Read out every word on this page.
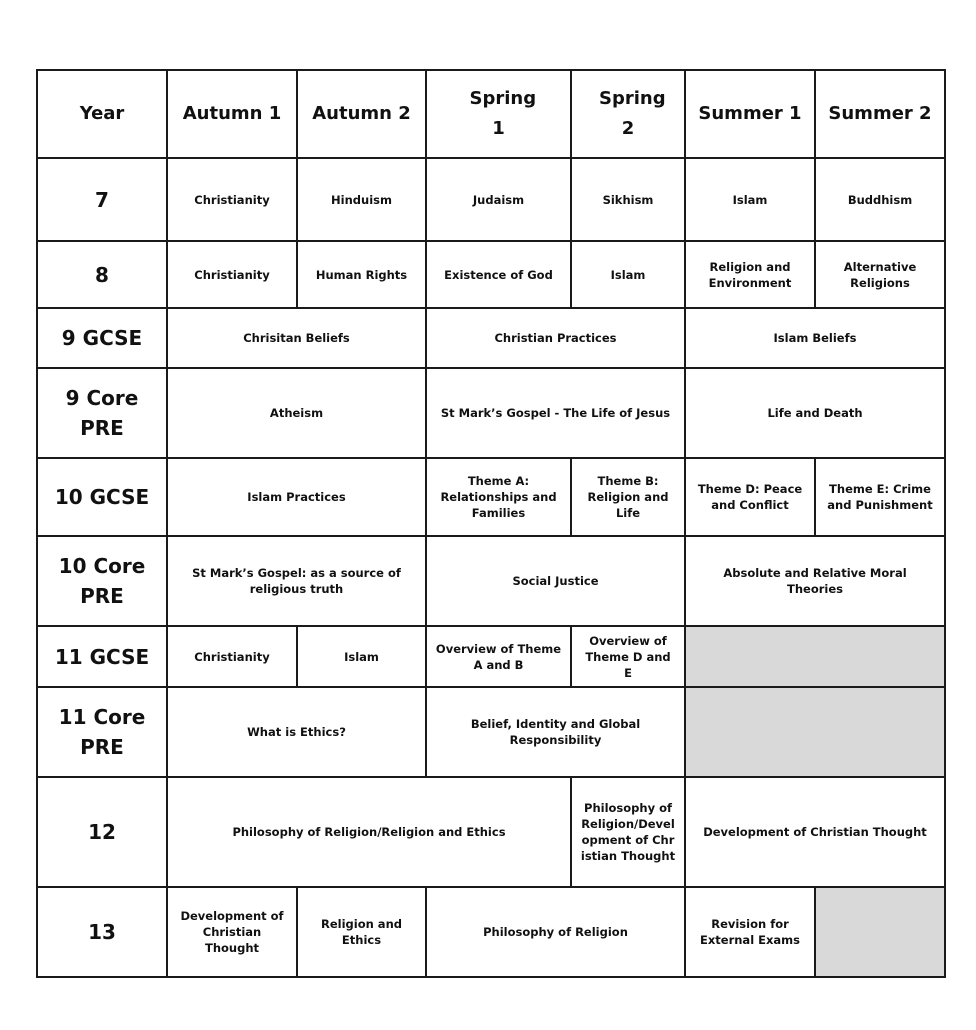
Year	Autumn 1	Autumn 2	Spring 1	Spring 2	Summer 1	Summer 2
7	Christianity	Hinduism	Judaism	Sikhism	Islam	Buddhism
8	Christianity	Human Rights	Existence of God	Islam	Religion and Environment	Alternative Religions
9 GCSE	Chrisitan Beliefs		Christian Practices		Islam Beliefs	
9 Core PRE	Atheism		St Mark’s Gospel - The Life of Jesus		Life and Death	
10 GCSE	Islam Practices		Theme A: Relationships and Families	Theme B: Religion and Life	Theme D: Peace and Conflict	Theme E: Crime and Punishment
10 Core PRE	St Mark’s Gospel: as a source of religious truth		Social Justice		Absolute and Relative Moral Theories	
11 GCSE	Christianity	Islam	Overview of Theme A and B	Overview of Theme D and E		
11 Core PRE	What is Ethics?		Belief, Identity and Global Responsibility			
12	Philosophy of Religion/Religion and Ethics			Philosophy of Religion/Development of Christian Thought	Development of Christian Thought	
13	Development of Christian Thought	Religion and Ethics	Philosophy of Religion		Revision for External Exams	
